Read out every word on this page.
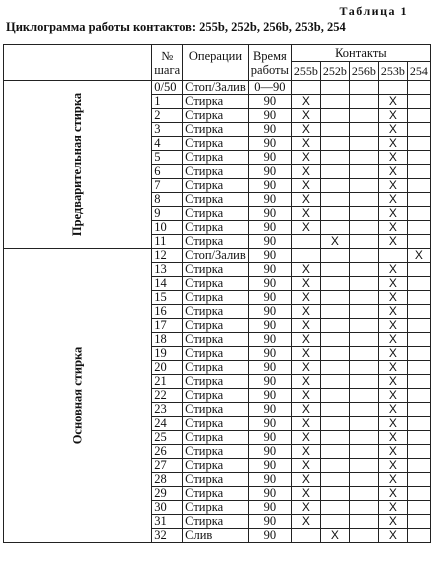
Таблица 1
Циклограмма работы контактов: 255b, 252b, 256b, 253b, 254
	№ шага	Операции	Время работы	Контакты				
				255b	252b	256b	253b	254
Предварительная стирка	0/50	Стоп/Залив	0—90					
	1	Стирка	90	X			X	
	2	Стирка	90	X			X	
	3	Стирка	90	X			X	
	4	Стирка	90	X			X	
	5	Стирка	90	X			X	
	6	Стирка	90	X			X	
	7	Стирка	90	X			X	
	8	Стирка	90	X			X	
	9	Стирка	90	X			X	
	10	Стирка	90	X			X	
	11	Стирка	90		X		X	
Основная стирка	12	Стоп/Залив	90					X
	13	Стирка	90	X			X	
	14	Стирка	90	X			X	
	15	Стирка	90	X			X	
	16	Стирка	90	X			X	
	17	Стирка	90	X			X	
	18	Стирка	90	X			X	
	19	Стирка	90	X			X	
	20	Стирка	90	X			X	
	21	Стирка	90	X			X	
	22	Стирка	90	X			X	
	23	Стирка	90	X			X	
	24	Стирка	90	X			X	
	25	Стирка	90	X			X	
	26	Стирка	90	X			X	
	27	Стирка	90	X			X	
	28	Стирка	90	X			X	
	29	Стирка	90	X			X	
	30	Стирка	90	X			X	
	31	Стирка	90	X			X	
	32	Слив	90		X		X	
